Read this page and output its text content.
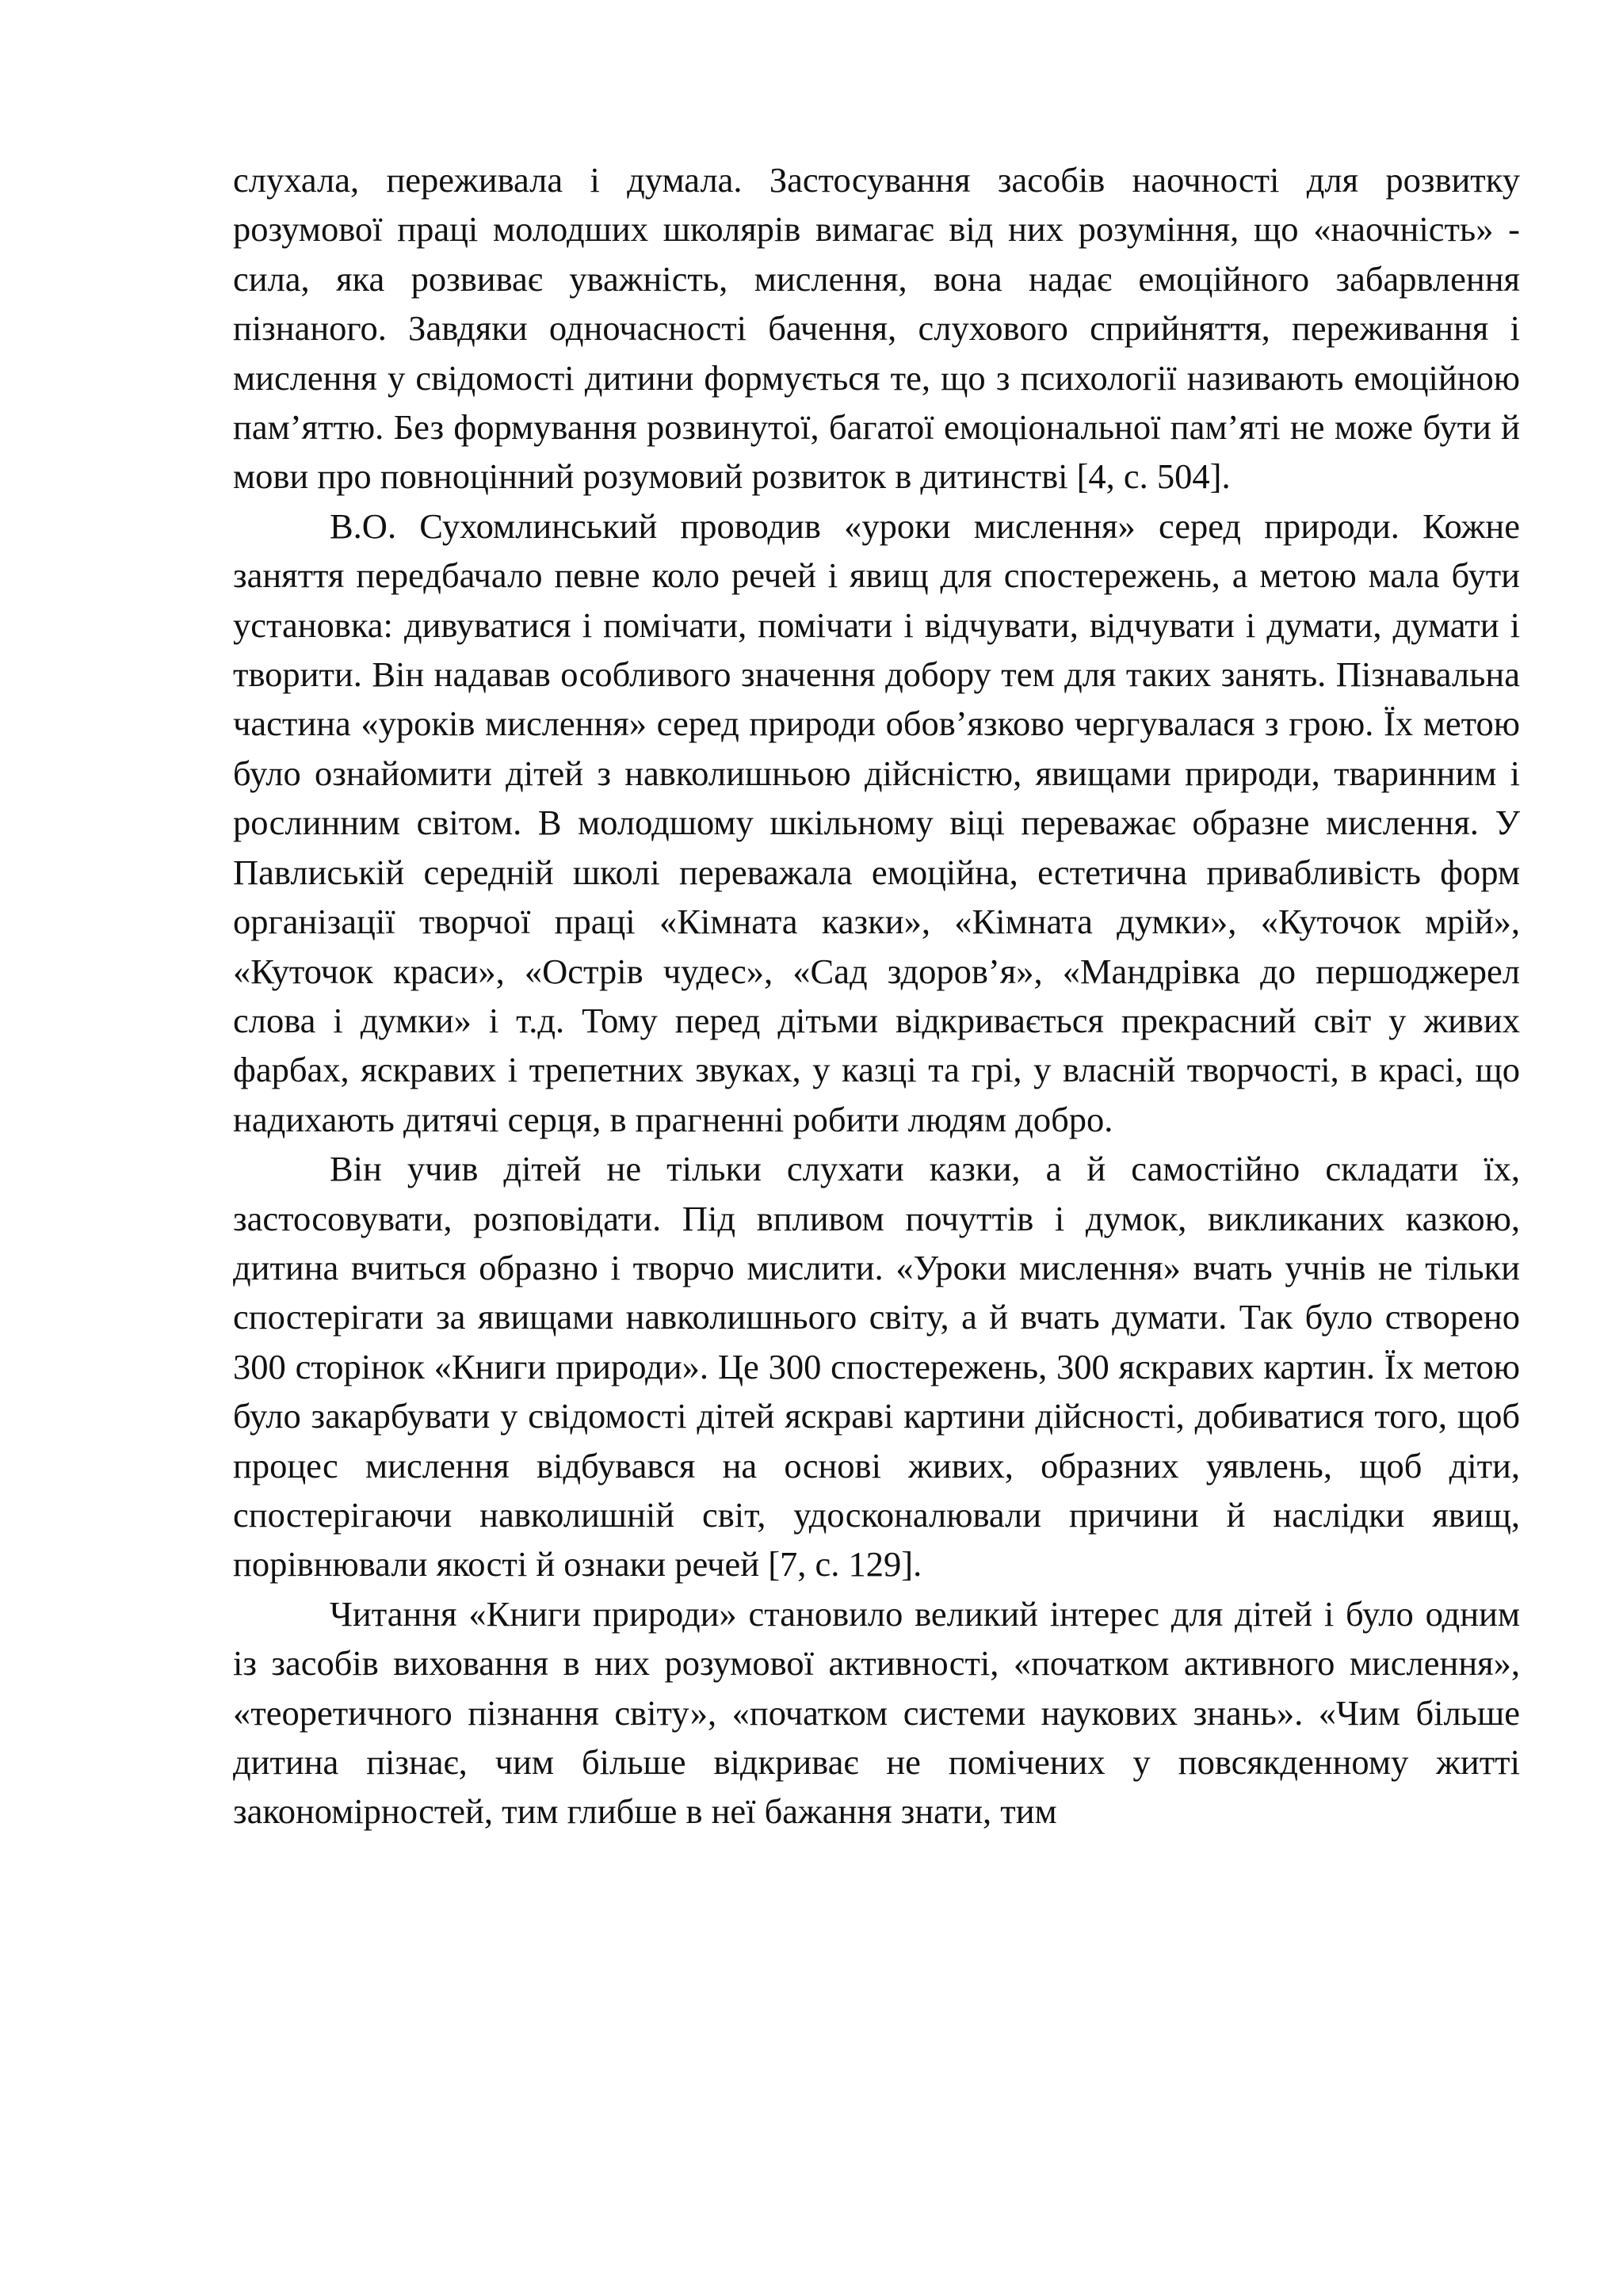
слухала, переживала і думала. Застосування засобів наочності для розвитку розумової праці молодших школярів вимагає від них розуміння, що «наочність» - сила, яка розвиває уважність, мислення, вона надає емоційного забарвлення пізнаного. Завдяки одночасності бачення, слухового сприйняття, переживання і мислення у свідомості дитини формується те, що з психології називають емоційною пам’яттю. Без формування розвинутої, багатої емоціональної пам’яті не може бути й мови про повноцінний розумовий розвиток в дитинстві [4, с. 504].

В.О. Сухомлинський проводив «уроки мислення» серед природи. Кожне заняття передбачало певне коло речей і явищ для спостережень, а метою мала бути установка: дивуватися і помічати, помічати і відчувати, відчувати і думати, думати і творити. Він надавав особливого значення добору тем для таких занять. Пізнавальна частина «уроків мислення» серед природи обов’язково чергувалася з грою. Їх метою було ознайомити дітей з навколишньою дійсністю, явищами природи, тваринним і рослинним світом. В молодшому шкільному віці переважає образне мислення. У Павлиській середній школі переважала емоційна, естетична привабливість форм організації творчої праці «Кімната казки», «Кімната думки», «Куточок мрій», «Куточок краси», «Острів чудес», «Сад здоров’я», «Мандрівка до першоджерел слова і думки» і т.д. Тому перед дітьми відкривається прекрасний світ у живих фарбах, яскравих і трепетних звуках, у казці та грі, у власній творчості, в красі, що надихають дитячі серця, в прагненні робити людям добро.

Він учив дітей не тільки слухати казки, а й самостійно складати їх, застосовувати, розповідати. Під впливом почуттів і думок, викликаних казкою, дитина вчиться образно і творчо мислити. «Уроки мислення» вчать учнів не тільки спостерігати за явищами навколишнього світу, а й вчать думати. Так було створено 300 сторінок «Книги природи». Це 300 спостережень, 300 яскравих картин. Їх метою було закарбувати у свідомості дітей яскраві картини дійсності, добиватися того, щоб процес мислення відбувався на основі живих, образних уявлень, щоб діти, спостерігаючи навколишній світ, удосконалювали причини й наслідки явищ, порівнювали якості й ознаки речей [7, с. 129].

Читання «Книги природи» становило великий інтерес для дітей і було одним із засобів виховання в них розумової активності, «початком активного мислення», «теоретичного пізнання світу», «початком системи наукових знань». «Чим більше дитина пізнає, чим більше відкриває не помічених у повсякденному житті закономірностей, тим глибше в неї бажання знати, тим
